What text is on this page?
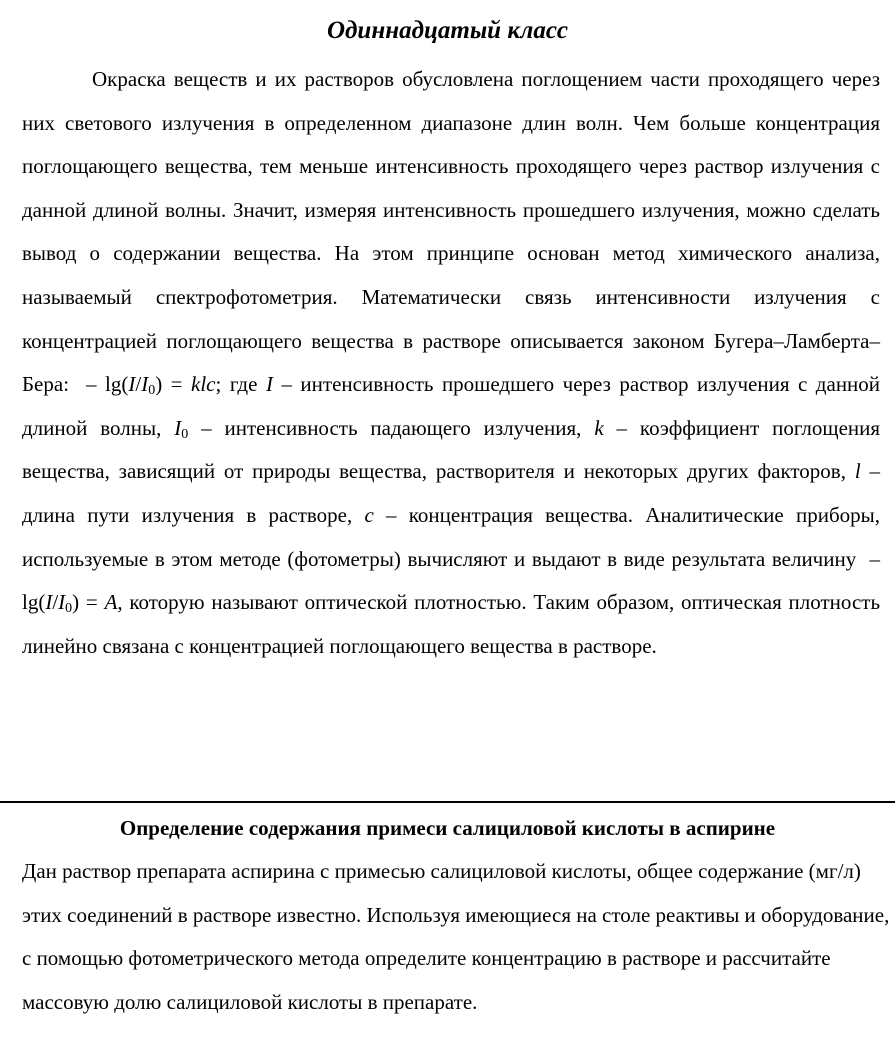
Одиннадцатый класс

Окраска веществ и их растворов обусловлена поглощением части проходящего через них светового излучения в определенном диапазоне длин волн. Чем больше концентрация поглощающего вещества, тем меньше интенсивность проходящего через раствор излучения с данной длиной волны. Значит, измеряя интенсивность прошедшего излучения, можно сделать вывод о содержании вещества. На этом принципе основан метод химического анализа, называемый спектрофотометрия. Математически связь интенсивности излучения с концентрацией поглощающего вещества в растворе описывается законом Бугера–Ламберта–Бера:  – $\lg(I/I_0)$ = klc; где I – интенсивность прошедшего через раствор излучения с данной длиной волны, $I_0$ – интенсивность падающего излучения, k – коэффициент поглощения вещества, зависящий от природы вещества, растворителя и некоторых других факторов, l – длина пути излучения в растворе, c – концентрация вещества. Аналитические приборы, используемые в этом методе (фотометры) вычисляют и выдают в виде результата величину  – $\lg(I/I_0) = A$, которую называют оптической плотностью. Таким образом, оптическая плотность линейно связана с концентрацией поглощающего вещества в растворе.

Определение содержания примеси салициловой кислоты в аспирине

Дан раствор препарата аспирина с примесью салициловой кислоты, общее содержание (мг/л) этих соединений в растворе известно. Используя имеющиеся на столе реактивы и оборудование, с помощью фотометрического метода определите концентрацию в растворе и рассчитайте массовую долю салициловой кислоты в препарате.
